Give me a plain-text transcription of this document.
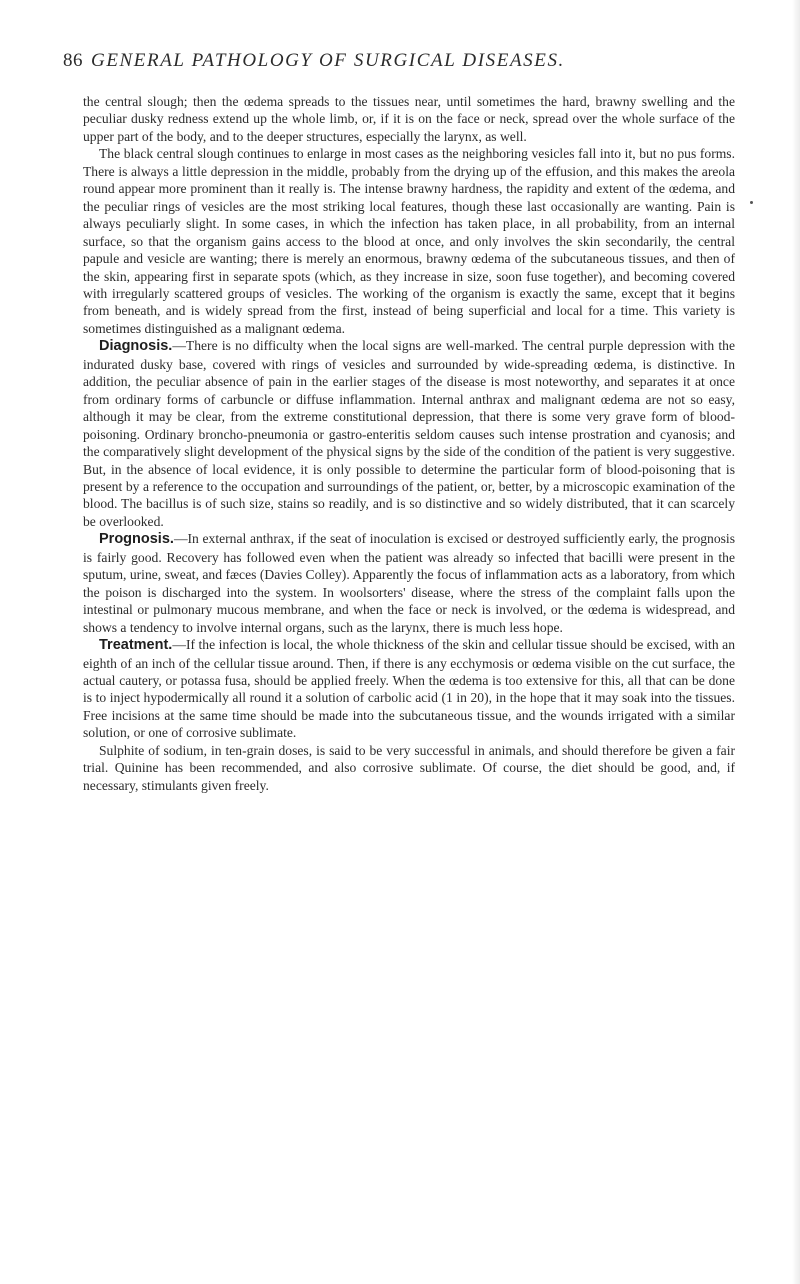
86 GENERAL PATHOLOGY OF SURGICAL DISEASES.

the central slough; then the œdema spreads to the tissues near, until sometimes the hard, brawny swelling and the peculiar dusky redness extend up the whole limb, or, if it is on the face or neck, spread over the whole surface of the upper part of the body, and to the deeper structures, especially the larynx, as well.

The black central slough continues to enlarge in most cases as the neighboring vesicles fall into it, but no pus forms. There is always a little depression in the middle, probably from the drying up of the effusion, and this makes the areola round appear more prominent than it really is. The intense brawny hardness, the rapidity and extent of the œdema, and the peculiar rings of vesicles are the most striking local features, though these last occasionally are wanting. Pain is always peculiarly slight. In some cases, in which the infection has taken place, in all probability, from an internal surface, so that the organism gains access to the blood at once, and only involves the skin secondarily, the central papule and vesicle are wanting; there is merely an enormous, brawny œdema of the subcutaneous tissues, and then of the skin, appearing first in separate spots (which, as they increase in size, soon fuse together), and becoming covered with irregularly scattered groups of vesicles. The working of the organism is exactly the same, except that it begins from beneath, and is widely spread from the first, instead of being superficial and local for a time. This variety is sometimes distinguished as a malignant œdema.

Diagnosis.—There is no difficulty when the local signs are well-marked. The central purple depression with the indurated dusky base, covered with rings of vesicles and surrounded by wide-spreading œdema, is distinctive. In addition, the peculiar absence of pain in the earlier stages of the disease is most noteworthy, and separates it at once from ordinary forms of carbuncle or diffuse inflammation. Internal anthrax and malignant œdema are not so easy, although it may be clear, from the extreme constitutional depression, that there is some very grave form of blood-poisoning. Ordinary broncho-pneumonia or gastro-enteritis seldom causes such intense prostration and cyanosis; and the comparatively slight development of the physical signs by the side of the condition of the patient is very suggestive. But, in the absence of local evidence, it is only possible to determine the particular form of blood-poisoning that is present by a reference to the occupation and surroundings of the patient, or, better, by a microscopic examination of the blood. The bacillus is of such size, stains so readily, and is so distinctive and so widely distributed, that it can scarcely be overlooked.

Prognosis.—In external anthrax, if the seat of inoculation is excised or destroyed sufficiently early, the prognosis is fairly good. Recovery has followed even when the patient was already so infected that bacilli were present in the sputum, urine, sweat, and fæces (Davies Colley). Apparently the focus of inflammation acts as a laboratory, from which the poison is discharged into the system. In woolsorters' disease, where the stress of the complaint falls upon the intestinal or pulmonary mucous membrane, and when the face or neck is involved, or the œdema is widespread, and shows a tendency to involve internal organs, such as the larynx, there is much less hope.

Treatment.—If the infection is local, the whole thickness of the skin and cellular tissue should be excised, with an eighth of an inch of the cellular tissue around. Then, if there is any ecchymosis or œdema visible on the cut surface, the actual cautery, or potassa fusa, should be applied freely. When the œdema is too extensive for this, all that can be done is to inject hypodermically all round it a solution of carbolic acid (1 in 20), in the hope that it may soak into the tissues. Free incisions at the same time should be made into the subcutaneous tissue, and the wounds irrigated with a similar solution, or one of corrosive sublimate.

Sulphite of sodium, in ten-grain doses, is said to be very successful in animals, and should therefore be given a fair trial. Quinine has been recommended, and also corrosive sublimate. Of course, the diet should be good, and, if necessary, stimulants given freely.
